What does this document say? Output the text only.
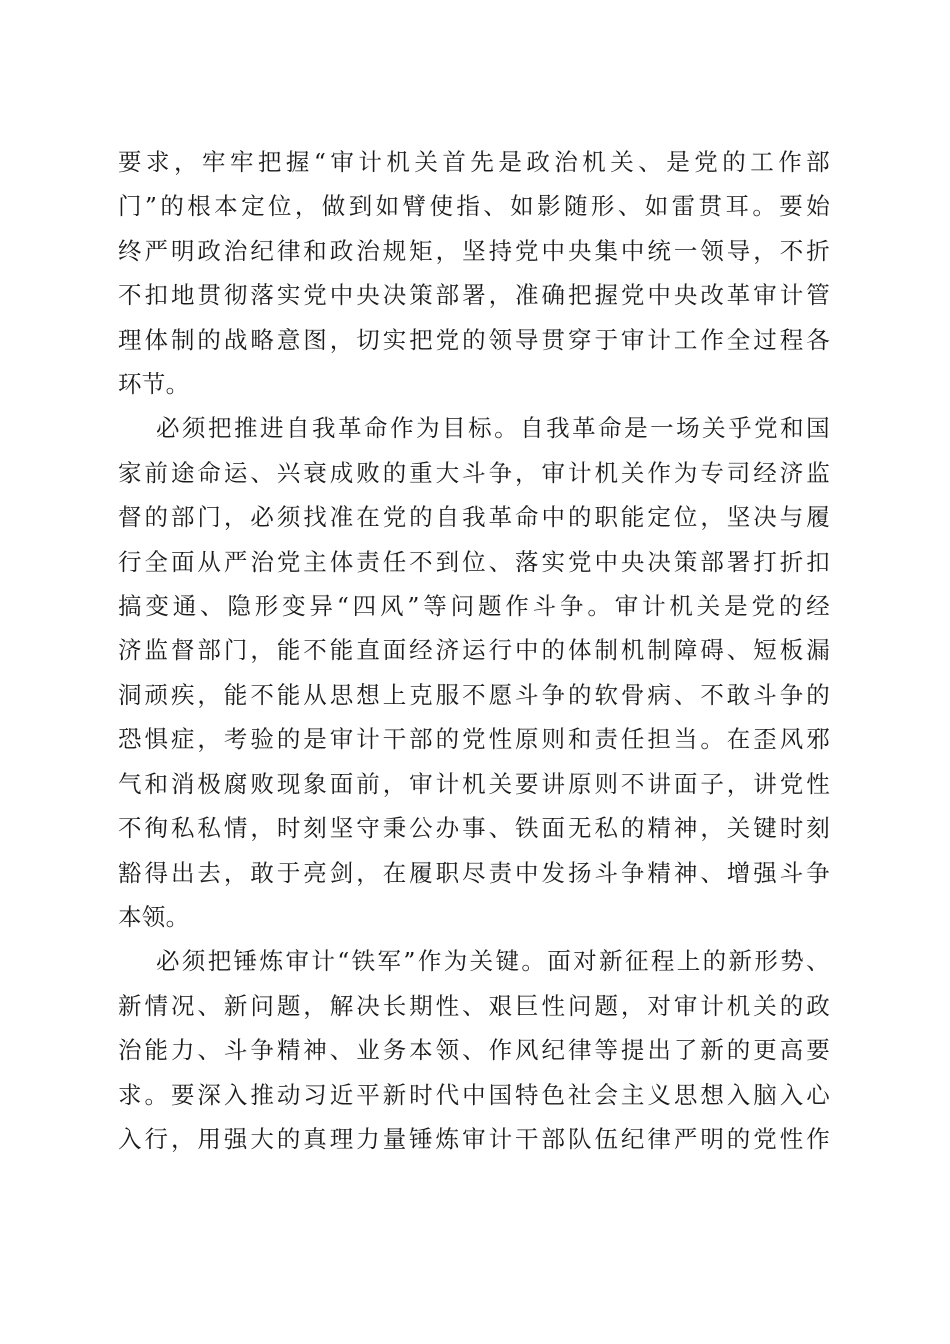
要求，牢牢把握“审计机关首先是政治机关、是党的工作部
门”的根本定位，做到如臂使指、如影随形、如雷贯耳。要始
终严明政治纪律和政治规矩，坚持党中央集中统一领导，不折
不扣地贯彻落实党中央决策部署，准确把握党中央改革审计管
理体制的战略意图，切实把党的领导贯穿于审计工作全过程各
环节。
必须把推进自我革命作为目标。自我革命是一场关乎党和国
家前途命运、兴衰成败的重大斗争，审计机关作为专司经济监
督的部门，必须找准在党的自我革命中的职能定位，坚决与履
行全面从严治党主体责任不到位、落实党中央决策部署打折扣
搞变通、隐形变异“四风”等问题作斗争。审计机关是党的经
济监督部门，能不能直面经济运行中的体制机制障碍、短板漏
洞顽疾，能不能从思想上克服不愿斗争的软骨病、不敢斗争的
恐惧症，考验的是审计干部的党性原则和责任担当。在歪风邪
气和消极腐败现象面前，审计机关要讲原则不讲面子，讲党性
不徇私私情，时刻坚守秉公办事、铁面无私的精神，关键时刻
豁得出去，敢于亮剑，在履职尽责中发扬斗争精神、增强斗争
本领。
必须把锤炼审计“铁军”作为关键。面对新征程上的新形势、
新情况、新问题，解决长期性、艰巨性问题，对审计机关的政
治能力、斗争精神、业务本领、作风纪律等提出了新的更高要
求。要深入推动习近平新时代中国特色社会主义思想入脑入心
入行，用强大的真理力量锤炼审计干部队伍纪律严明的党性作
